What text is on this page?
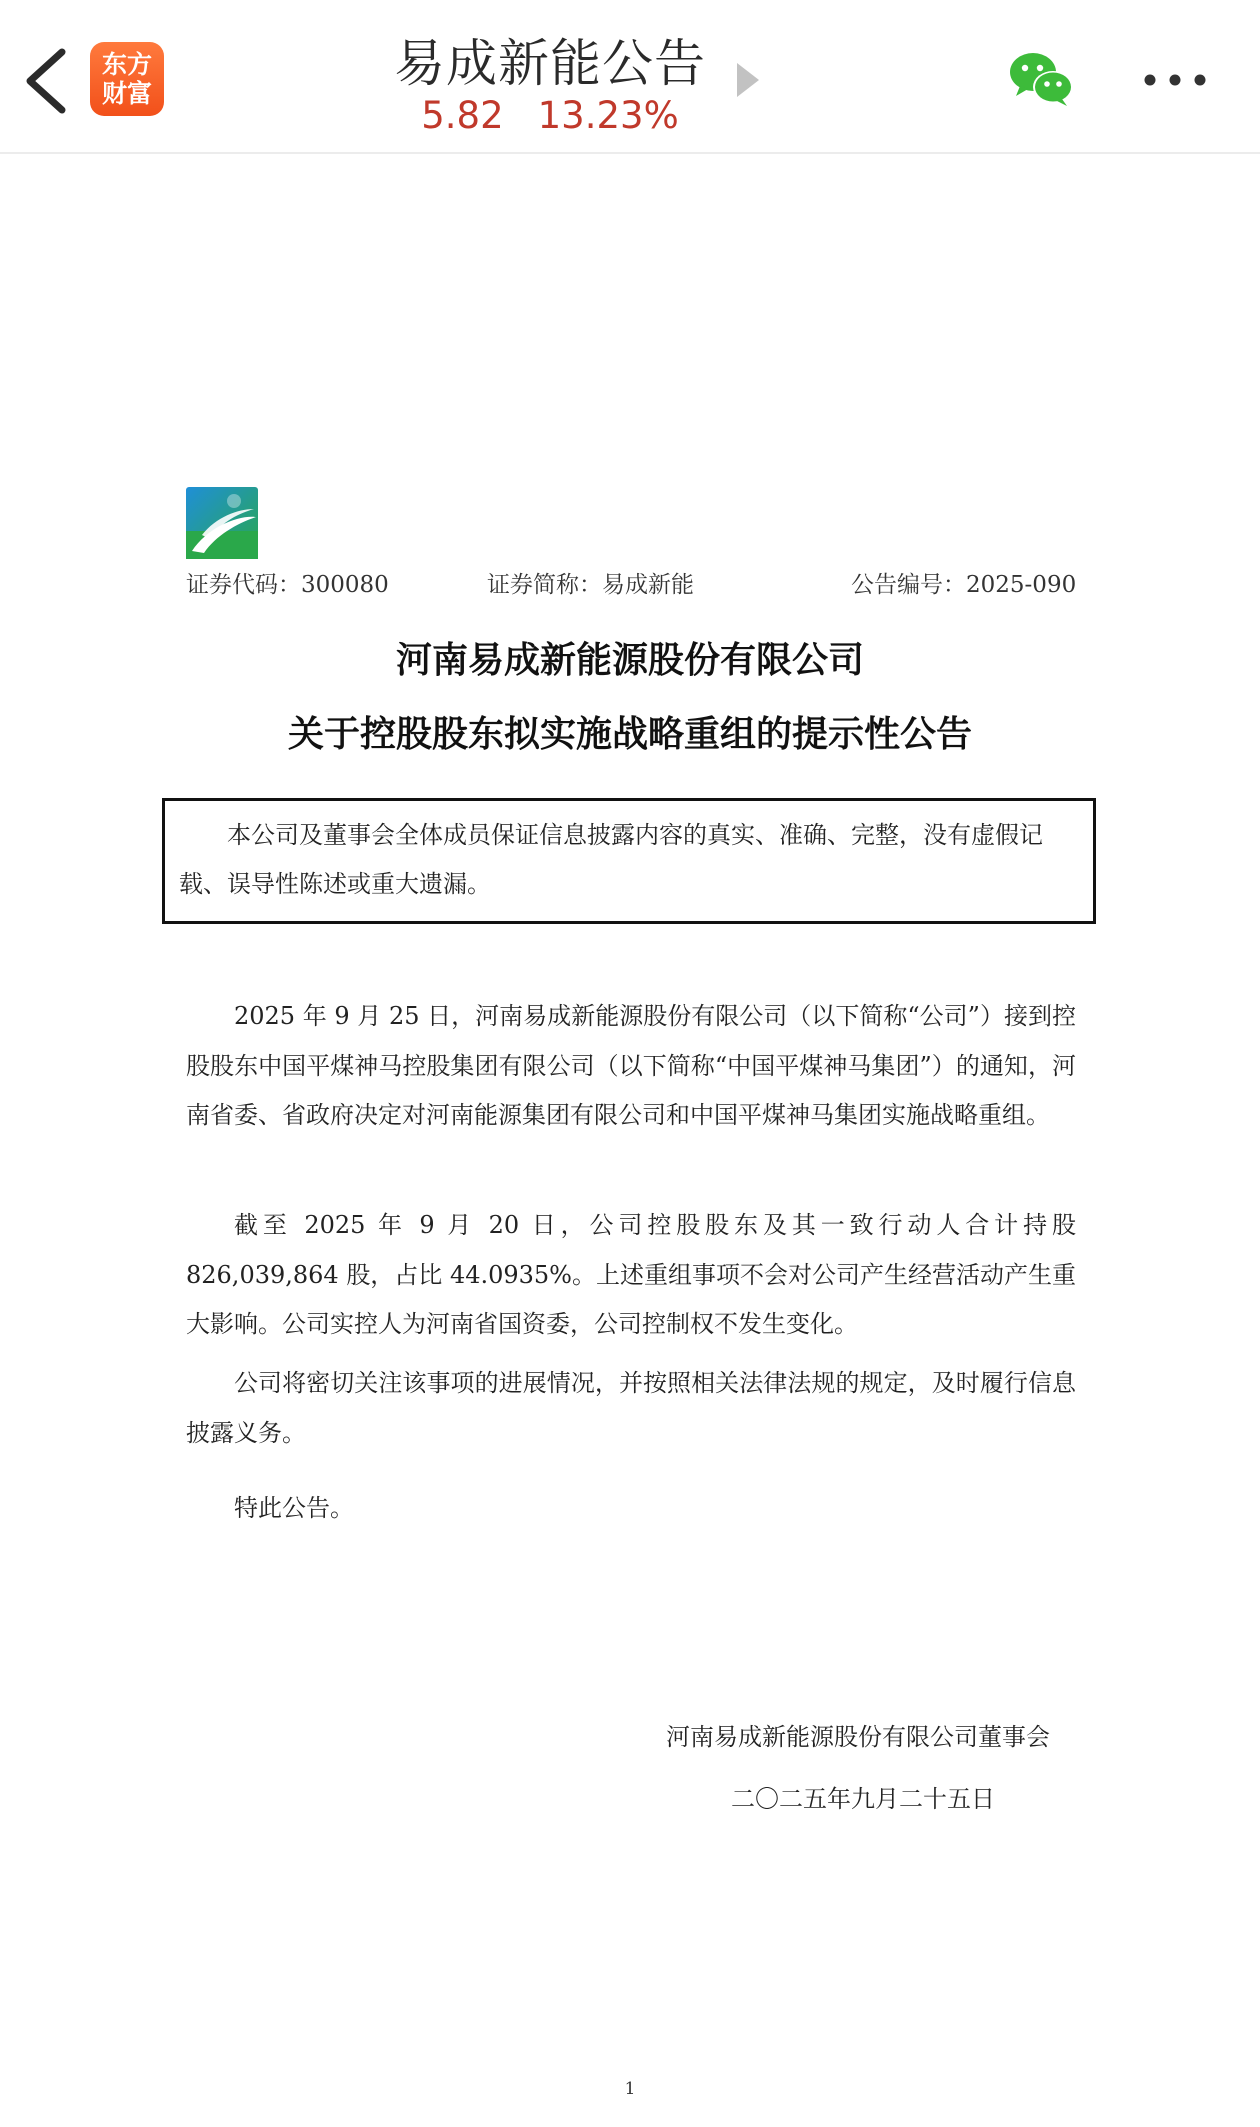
东方
财富	易成新能公告
5.82 13.23%
证券代码：300080	证券简称：易成新能	公告编号：2025-090
河南易成新能源股份有限公司
关于控股股东拟实施战略重组的提示性公告
本公司及董事会全体成员保证信息披露内容的真实、准确、完整，没有虚假记载、误导性陈述或重大遗漏。
2025 年 9 月 25 日，河南易成新能源股份有限公司（以下简称“公司”）接到控股股东中国平煤神马控股集团有限公司（以下简称“中国平煤神马集团”）的通知，河南省委、省政府决定对河南能源集团有限公司和中国平煤神马集团实施战略重组。
截至 2025 年 9 月 20 日，公司控股股东及其一致行动人合计持股 826,039,864 股，占比 44.0935%。上述重组事项不会对公司产生经营活动产生重大影响。公司实控人为河南省国资委，公司控制权不发生变化。
公司将密切关注该事项的进展情况，并按照相关法律法规的规定，及时履行信息披露义务。
特此公告。
河南易成新能源股份有限公司董事会
二〇二五年九月二十五日
1
